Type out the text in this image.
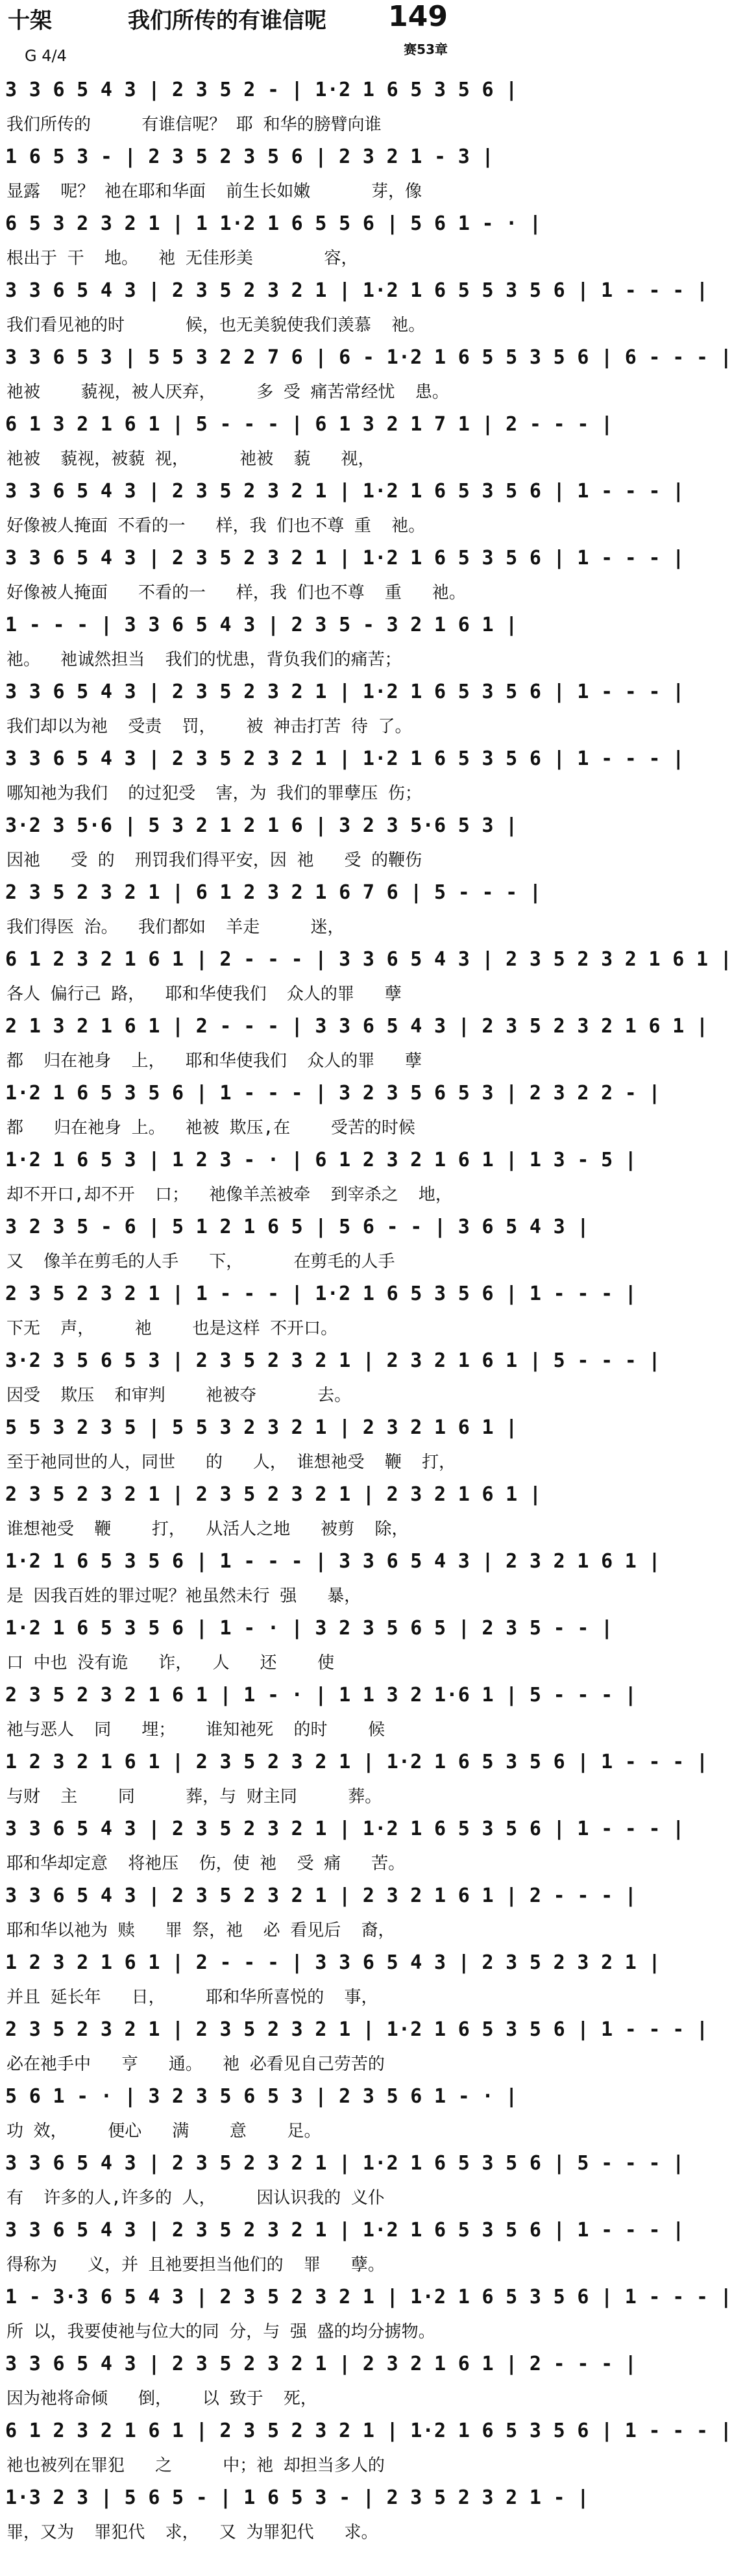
十架	我们所传的有谁信呢	149
赛53章
G 4/4
3 3 6 5 4 3 | 2 3 5 2 - | 1·2 1 6 5 3 5 6 |
我们所传的     有谁信呢？ 耶 和华的膀臂向谁
1 6 5 3 - | 2 3 5 2 3 5 6 | 2 3 2 1 - 3 |
显露  呢？ 祂在耶和华面  前生长如嫩      芽，像
6 5 3 2 3 2 1 | 1 1·2 1 6 5 5 6 | 5 6 1 - · |
根出于 干  地。  祂 无佳形美       容，
3 3 6 5 4 3 | 2 3 5 2 3 2 1 | 1·2 1 6 5 5 3 5 6 | 1 - - - |
我们看见祂的时      候，也无美貌使我们羡慕  祂。
3 3 6 5 3 | 5 5 3 2 2 7 6 | 6 - 1·2 1 6 5 5 3 5 6 | 6 - - - |
祂被    藐视，被人厌弃，    多 受 痛苦常经忧  患。
6 1 3 2 1 6 1 | 5 - - - | 6 1 3 2 1 7 1 | 2 - - - |
祂被  藐视，被藐 视，     祂被  藐   视，
3 3 6 5 4 3 | 2 3 5 2 3 2 1 | 1·2 1 6 5 3 5 6 | 1 - - - |
好像被人掩面 不看的一   样，我 们也不尊 重  祂。
3 3 6 5 4 3 | 2 3 5 2 3 2 1 | 1·2 1 6 5 3 5 6 | 1 - - - |
好像被人掩面   不看的一   样，我 们也不尊  重   祂。
1 - - - | 3 3 6 5 4 3 | 2 3 5 - 3 2 1 6 1 |
祂。  祂诚然担当  我们的忧患，背负我们的痛苦；
3 3 6 5 4 3 | 2 3 5 2 3 2 1 | 1·2 1 6 5 3 5 6 | 1 - - - |
我们却以为祂  受责  罚，   被 神击打苦 待 了。
3 3 6 5 4 3 | 2 3 5 2 3 2 1 | 1·2 1 6 5 3 5 6 | 1 - - - |
哪知祂为我们  的过犯受  害，为 我们的罪孽压 伤；
3·2 3 5·6 | 5 3 2 1 2 1 6 | 3 2 3 5·6 5 3 |
因祂   受 的  刑罚我们得平安，因 祂   受 的鞭伤
2 3 5 2 3 2 1 | 6 1 2 3 2 1 6 7 6 | 5 - - - |
我们得医 治。  我们都如  羊走     迷，
6 1 2 3 2 1 6 1 | 2 - - - | 3 3 6 5 4 3 | 2 3 5 2 3 2 1 6 1 |
各人 偏行己 路，  耶和华使我们  众人的罪   孽
2 1 3 2 1 6 1 | 2 - - - | 3 3 6 5 4 3 | 2 3 5 2 3 2 1 6 1 |
都  归在祂身  上，  耶和华使我们  众人的罪   孽
1·2 1 6 5 3 5 6 | 1 - - - | 3 2 3 5 6 5 3 | 2 3 2 2 - |
都   归在祂身 上。  祂被 欺压,在    受苦的时候
1·2 1 6 5 3 | 1 2 3 - · | 6 1 2 3 2 1 6 1 | 1 3 - 5 |
却不开口,却不开  口；  祂像羊羔被牵  到宰杀之  地，
3 2 3 5 - 6 | 5 1 2 1 6 5 | 5 6 - - | 3 6 5 4 3 |
又  像羊在剪毛的人手   下，     在剪毛的人手
2 3 5 2 3 2 1 | 1 - - - | 1·2 1 6 5 3 5 6 | 1 - - - |
下无  声，    祂    也是这样 不开口。
3·2 3 5 6 5 3 | 2 3 5 2 3 2 1 | 2 3 2 1 6 1 | 5 - - - |
因受  欺压  和审判    祂被夺      去。
5 5 3 2 3 5 | 5 5 3 2 3 2 1 | 2 3 2 1 6 1 |
至于祂同世的人，同世   的   人， 谁想祂受  鞭  打，
2 3 5 2 3 2 1 | 2 3 5 2 3 2 1 | 2 3 2 1 6 1 |
谁想祂受  鞭    打，  从活人之地   被剪  除，
1·2 1 6 5 3 5 6 | 1 - - - | 3 3 6 5 4 3 | 2 3 2 1 6 1 |
是 因我百姓的罪过呢？祂虽然未行 强   暴，
1·2 1 6 5 3 5 6 | 1 - · | 3 2 3 5 6 5 | 2 3 5 - - |
口 中也 没有诡   诈，  人   还    使
2 3 5 2 3 2 1 6 1 | 1 - · | 1 1 3 2 1·6 1 | 5 - - - |
祂与恶人  同   埋；   谁知祂死  的时    候
1 2 3 2 1 6 1 | 2 3 5 2 3 2 1 | 1·2 1 6 5 3 5 6 | 1 - - - |
与财  主    同     葬，与 财主同     葬。
3 3 6 5 4 3 | 2 3 5 2 3 2 1 | 1·2 1 6 5 3 5 6 | 1 - - - |
耶和华却定意  将祂压  伤，使 祂  受 痛   苦。
3 3 6 5 4 3 | 2 3 5 2 3 2 1 | 2 3 2 1 6 1 | 2 - - - |
耶和华以祂为 赎   罪 祭，祂  必 看见后  裔，
1 2 3 2 1 6 1 | 2 - - - | 3 3 6 5 4 3 | 2 3 5 2 3 2 1 |
并且 延长年   日，    耶和华所喜悦的  事，
2 3 5 2 3 2 1 | 2 3 5 2 3 2 1 | 1·2 1 6 5 3 5 6 | 1 - - - |
必在祂手中   亨   通。  祂 必看见自己劳苦的
5 6 1 - · | 3 2 3 5 6 5 3 | 2 3 5 6 1 - · |
功 效，    便心   满    意    足。
3 3 6 5 4 3 | 2 3 5 2 3 2 1 | 1·2 1 6 5 3 5 6 | 5 - - - |
有  许多的人,许多的 人，    因认识我的 义仆
3 3 6 5 4 3 | 2 3 5 2 3 2 1 | 1·2 1 6 5 3 5 6 | 1 - - - |
得称为   义，并 且祂要担当他们的  罪   孽。
1 - 3·3 6 5 4 3 | 2 3 5 2 3 2 1 | 1·2 1 6 5 3 5 6 | 1 - - - |
所 以，我要使祂与位大的同 分，与 强 盛的均分掳物。
3 3 6 5 4 3 | 2 3 5 2 3 2 1 | 2 3 2 1 6 1 | 2 - - - |
因为祂将命倾   倒，   以 致于  死，
6 1 2 3 2 1 6 1 | 2 3 5 2 3 2 1 | 1·2 1 6 5 3 5 6 | 1 - - - |
祂也被列在罪犯   之     中；祂 却担当多人的
1·3 2 3 | 5 6 5 - | 1 6 5 3 - | 2 3 5 2 3 2 1 - |
罪，又为  罪犯代  求，  又 为罪犯代   求。
